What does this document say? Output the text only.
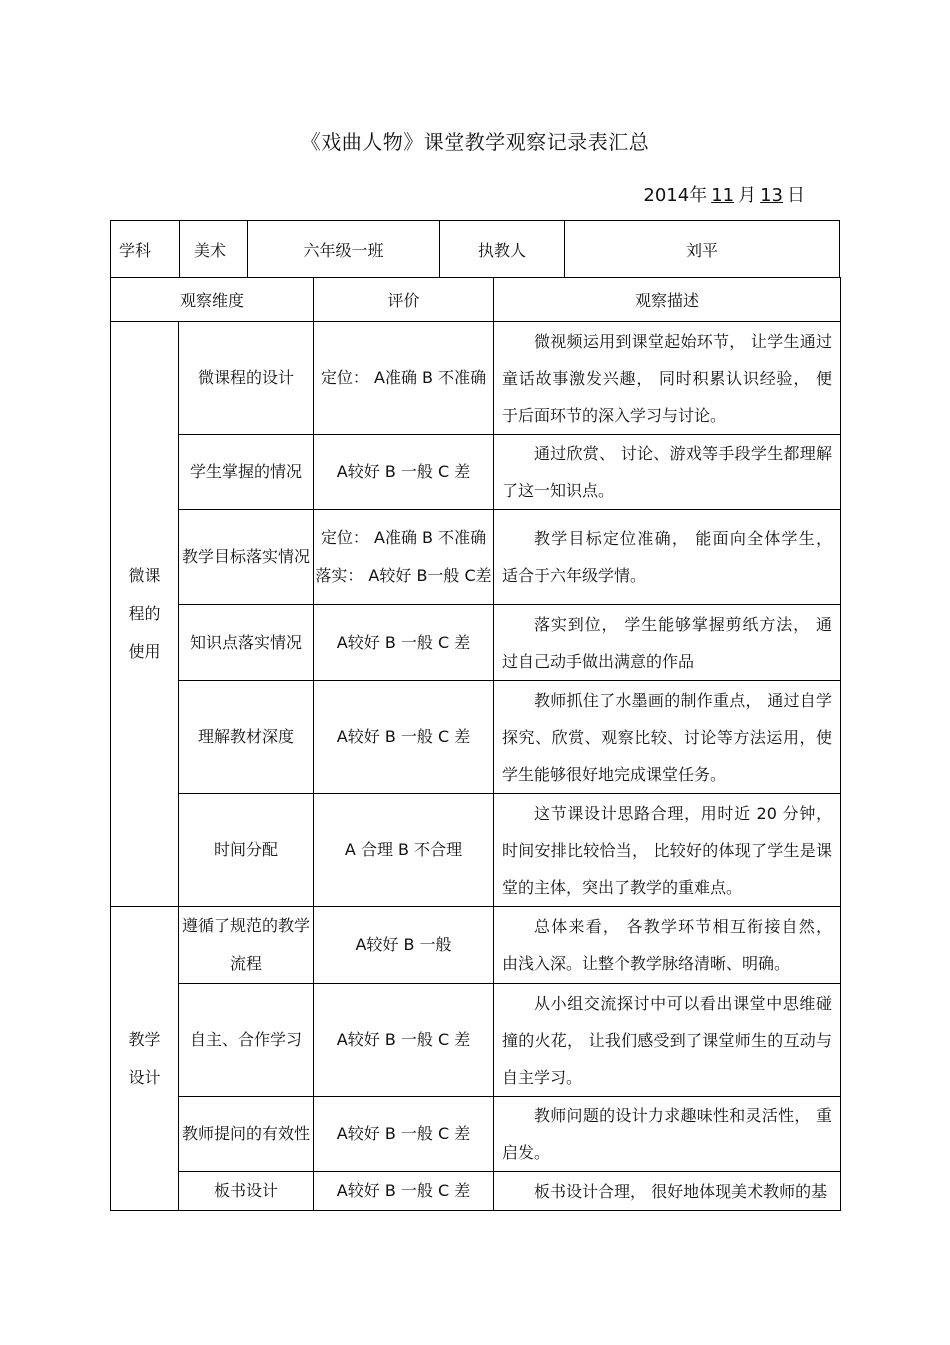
《戏曲人物》课堂教学观察记录表汇总
2014年 11 月 13 日
学科	美术	六年级一班	执教人	刘平
观察维度		评价	观察描述
微课程的使用	微课程的设计	定位： A准确 B 不准确	微视频运用到课堂起始环节， 让学生通过童话故事激发兴趣， 同时积累认识经验， 便于后面环节的深入学习与讨论。

	学生掌握的情况	A较好 B 一般 C 差	通过欣赏、 讨论、游戏等手段学生都理解了这一知识点。

	教学目标落实情况	定位： A准确 B 不准确
落实： A较好 B一般 C差	教学目标定位准确， 能面向全体学生， 适合于六年级学情。

	知识点落实情况	A较好 B 一般 C 差	落实到位， 学生能够掌握剪纸方法， 通过自己动手做出满意的作品

	理解教材深度	A较好 B 一般 C 差	教师抓住了水墨画的制作重点， 通过自学探究、欣赏、观察比较、讨论等方法运用，使学生能够很好地完成课堂任务。

	时间分配	A 合理 B 不合理	这节课设计思路合理，用时近 20 分钟，时间安排比较恰当， 比较好的体现了学生是课堂的主体，突出了教学的重难点。

教学设计	遵循了规范的教学流程	A较好 B 一般	总体来看， 各教学环节相互衔接自然， 由浅入深。让整个教学脉络清晰、明确。

	自主、合作学习	A较好 B 一般 C 差	从小组交流探讨中可以看出课堂中思维碰撞的火花， 让我们感受到了课堂师生的互动与自主学习。

	教师提问的有效性	A较好 B 一般 C 差	教师问题的设计力求趣味性和灵活性， 重启发。

	板书设计	A较好 B 一般 C 差	板书设计合理， 很好地体现美术教师的基
